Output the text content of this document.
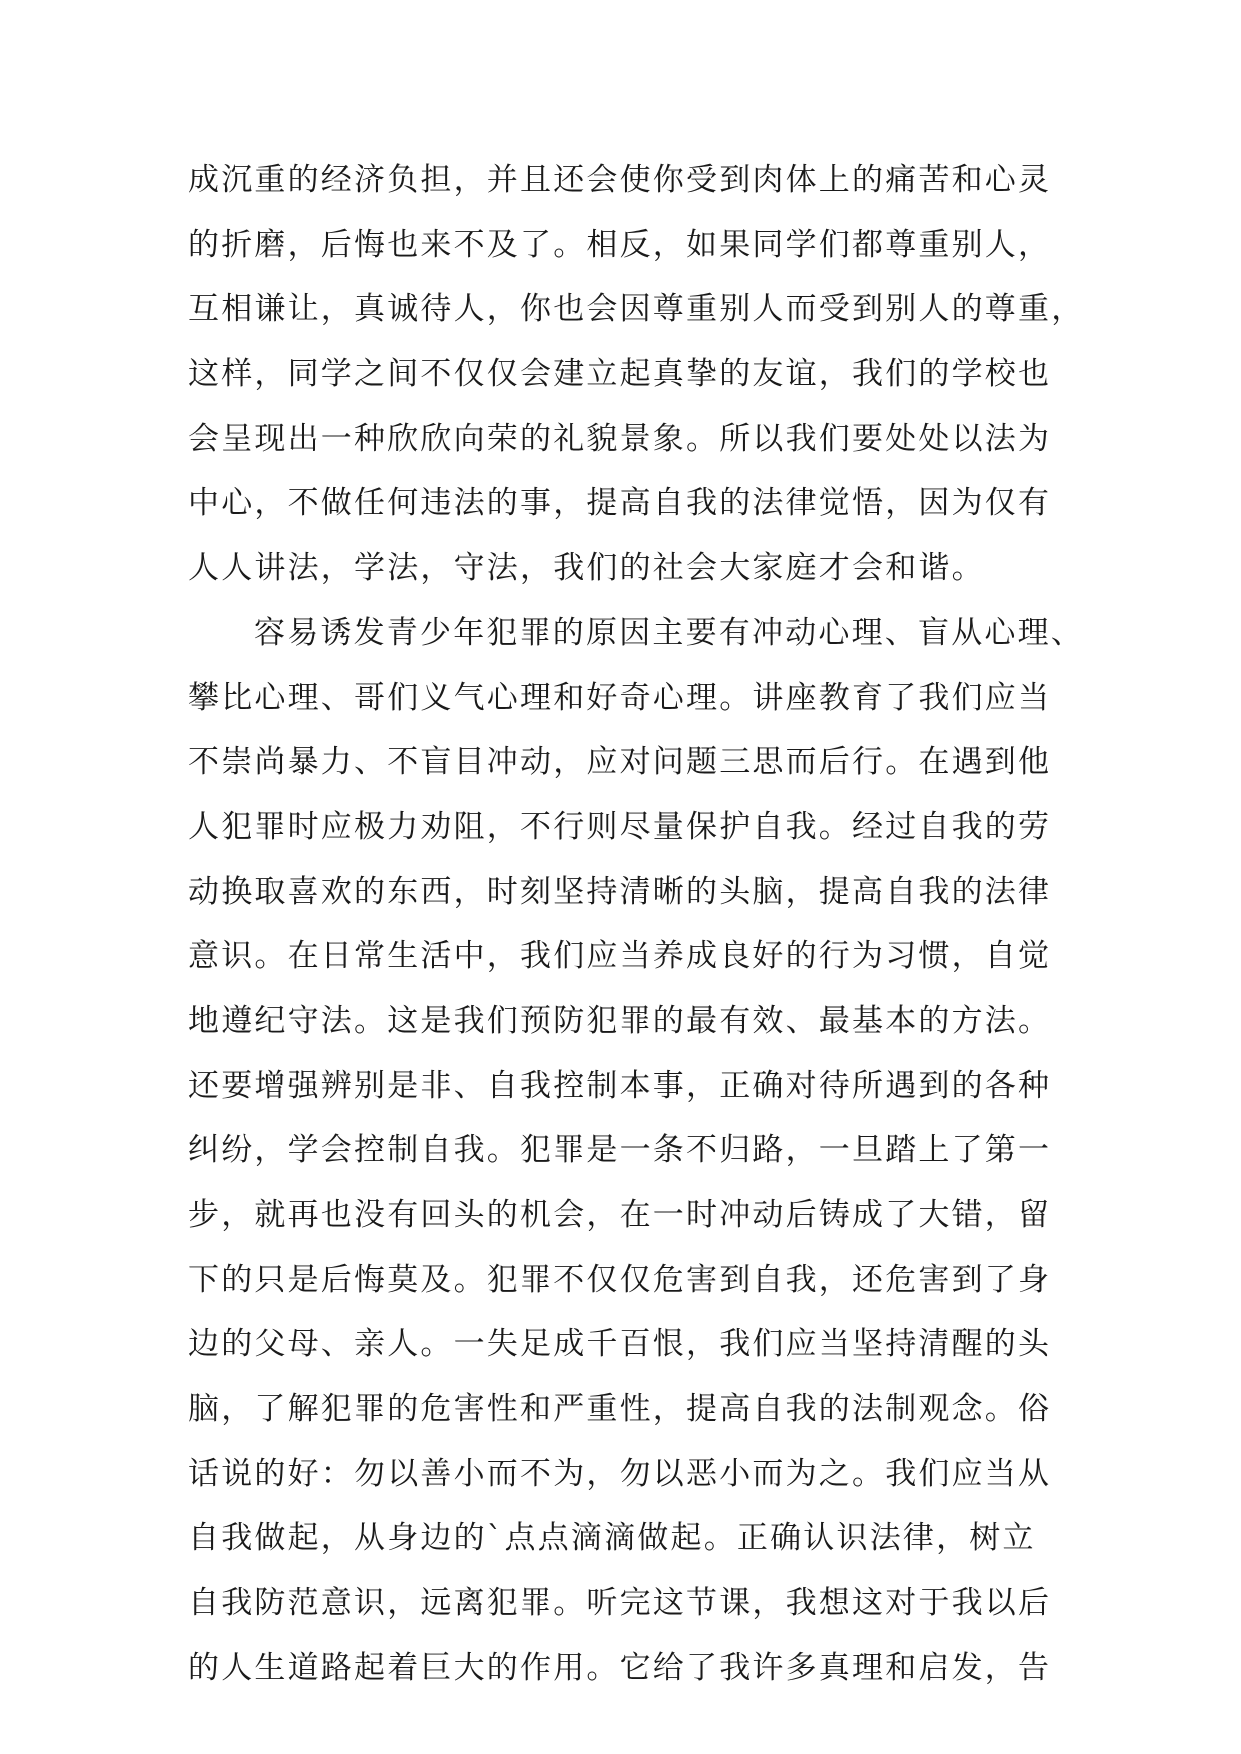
成沉重的经济负担，并且还会使你受到肉体上的痛苦和心灵
的折磨，后悔也来不及了。相反，如果同学们都尊重别人，
互相谦让，真诚待人，你也会因尊重别人而受到别人的尊重，
这样，同学之间不仅仅会建立起真挚的友谊，我们的学校也
会呈现出一种欣欣向荣的礼貌景象。所以我们要处处以法为
中心，不做任何违法的事，提高自我的法律觉悟，因为仅有
人人讲法，学法，守法，我们的社会大家庭才会和谐。
容易诱发青少年犯罪的原因主要有冲动心理、盲从心理、
攀比心理、哥们义气心理和好奇心理。讲座教育了我们应当
不崇尚暴力、不盲目冲动，应对问题三思而后行。在遇到他
人犯罪时应极力劝阻，不行则尽量保护自我。经过自我的劳
动换取喜欢的东西，时刻坚持清晰的头脑，提高自我的法律
意识。在日常生活中，我们应当养成良好的行为习惯，自觉
地遵纪守法。这是我们预防犯罪的最有效、最基本的方法。
还要增强辨别是非、自我控制本事，正确对待所遇到的各种
纠纷，学会控制自我。犯罪是一条不归路，一旦踏上了第一
步，就再也没有回头的机会，在一时冲动后铸成了大错，留
下的只是后悔莫及。犯罪不仅仅危害到自我，还危害到了身
边的父母、亲人。一失足成千百恨，我们应当坚持清醒的头
脑，了解犯罪的危害性和严重性，提高自我的法制观念。俗
话说的好：勿以善小而不为，勿以恶小而为之。我们应当从
自我做起，从身边的`点点滴滴做起。正确认识法律，树立
自我防范意识，远离犯罪。听完这节课，我想这对于我以后
的人生道路起着巨大的作用。它给了我许多真理和启发，告
